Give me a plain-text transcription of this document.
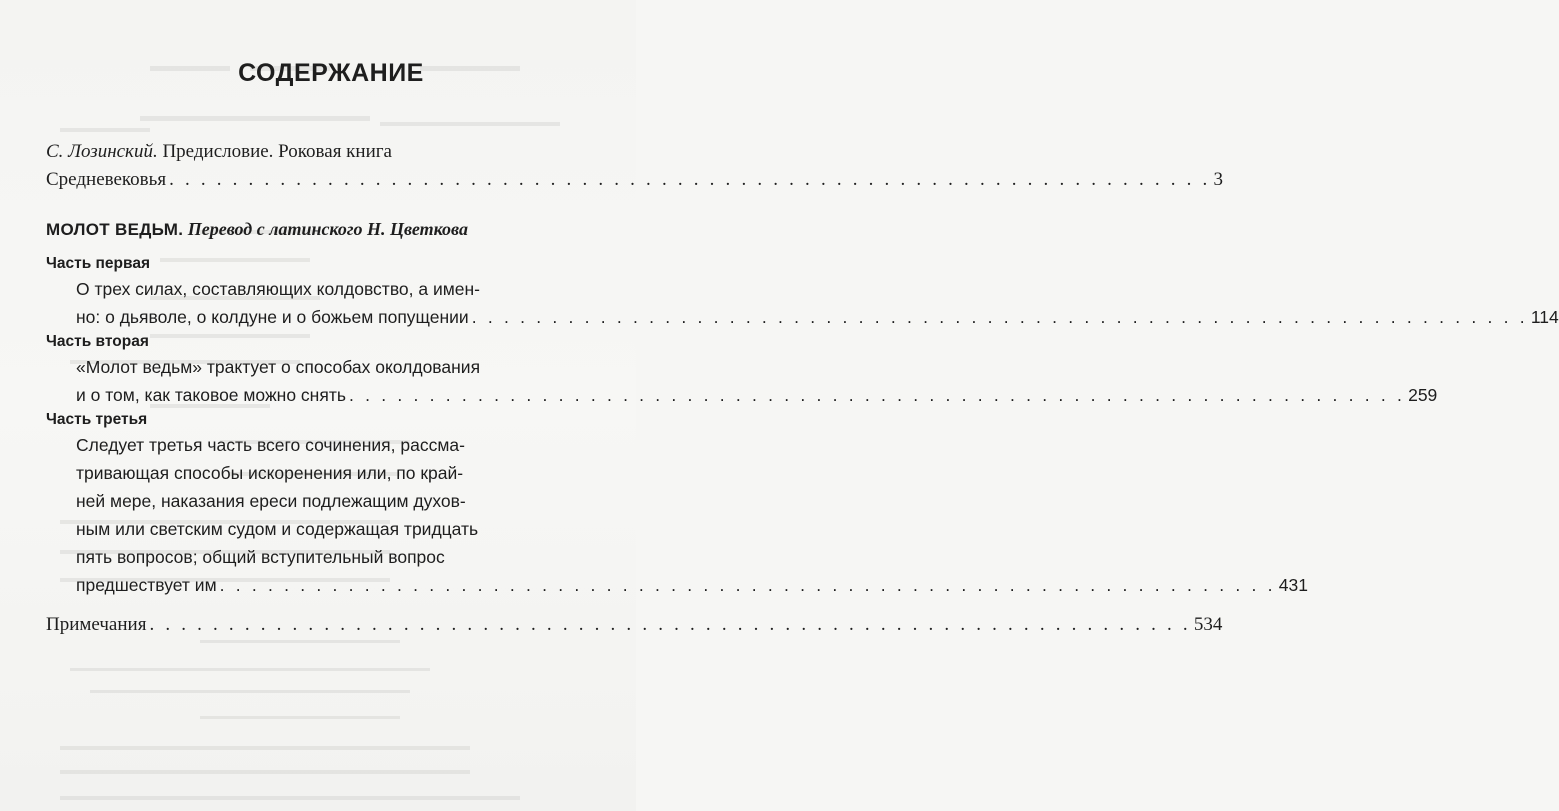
СОДЕРЖАНИЕ
С. Лозинский. Предисловие. Роковая книга
Средневековья . . . . . . . . . . . . . . . . . . . . . . . . . . . . . . . . . . . . . . . . . . . . . . . . . . . . . . . . . . . . . . . . . . 3
МОЛОТ ВЕДЬМ. Перевод с латинского Н. Цветкова
Часть первая
О трех силах, составляющих колдовство, а имен-
но: о дьяволе, о колдуне и о божьем попущении . . . . . . . . . . . . . . . . . . . . . . . . . . . . . . . . . . . . . . . . . . . . . . . . . . . . . . . . . . . . . . . . . . 114
Часть вторая
«Молот ведьм» трактует о способах околдования
и о том, как таковое можно снять . . . . . . . . . . . . . . . . . . . . . . . . . . . . . . . . . . . . . . . . . . . . . . . . . . . . . . . . . . . . . . . . . . 259
Часть третья
Следует третья часть всего сочинения, рассма-
тривающая способы искоренения или, по край-
ней мере, наказания ереси подлежащим духов-
ным или светским судом и содержащая тридцать
пять вопросов; общий вступительный вопрос
предшествует им . . . . . . . . . . . . . . . . . . . . . . . . . . . . . . . . . . . . . . . . . . . . . . . . . . . . . . . . . . . . . . . . . . 431
Примечания . . . . . . . . . . . . . . . . . . . . . . . . . . . . . . . . . . . . . . . . . . . . . . . . . . . . . . . . . . . . . . . . . . 534
